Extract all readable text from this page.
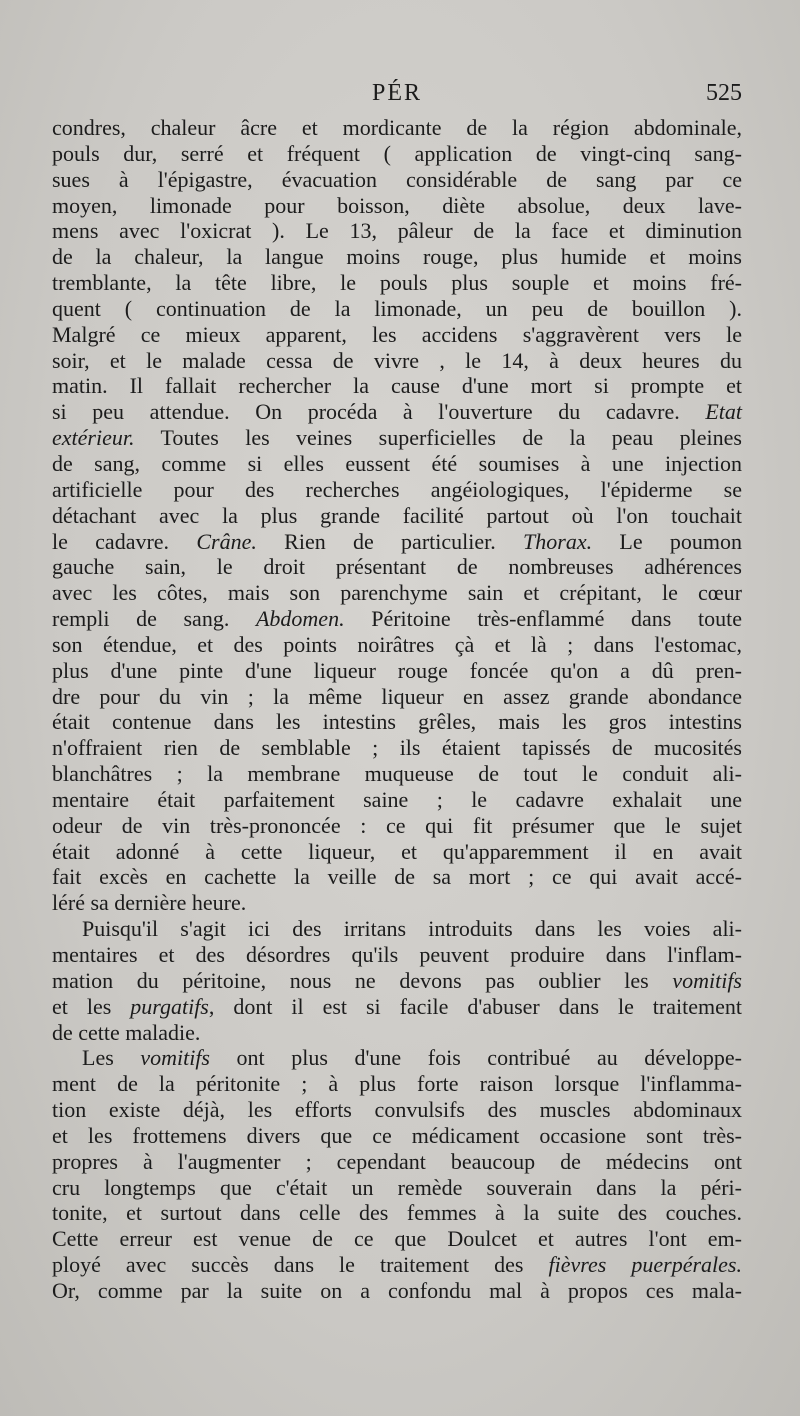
PÉR	525
condres, chaleur âcre et mordicante de la région abdominale,
pouls dur, serré et fréquent ( application de vingt-cinq sang-
sues à l'épigastre, évacuation considérable de sang par ce
moyen, limonade pour boisson, diète absolue, deux lave-
mens avec l'oxicrat ). Le 13, pâleur de la face et diminution
de la chaleur, la langue moins rouge, plus humide et moins
tremblante, la tête libre, le pouls plus souple et moins fré-
quent ( continuation de la limonade, un peu de bouillon ).
Malgré ce mieux apparent, les accidens s'aggravèrent vers le
soir, et le malade cessa de vivre , le 14, à deux heures du
matin. Il fallait rechercher la cause d'une mort si prompte et
si peu attendue. On procéda à l'ouverture du cadavre. Etat
extérieur. Toutes les veines superficielles de la peau pleines
de sang, comme si elles eussent été soumises à une injection
artificielle pour des recherches angéiologiques, l'épiderme se
détachant avec la plus grande facilité partout où l'on touchait
le cadavre. Crâne. Rien de particulier. Thorax. Le poumon
gauche sain, le droit présentant de nombreuses adhérences
avec les côtes, mais son parenchyme sain et crépitant, le cœur
rempli de sang. Abdomen. Péritoine très-enflammé dans toute
son étendue, et des points noirâtres çà et là ; dans l'estomac,
plus d'une pinte d'une liqueur rouge foncée qu'on a dû pren-
dre pour du vin ; la même liqueur en assez grande abondance
était contenue dans les intestins grêles, mais les gros intestins
n'offraient rien de semblable ; ils étaient tapissés de mucosités
blanchâtres ; la membrane muqueuse de tout le conduit ali-
mentaire était parfaitement saine ; le cadavre exhalait une
odeur de vin très-prononcée : ce qui fit présumer que le sujet
était adonné à cette liqueur, et qu'apparemment il en avait
fait excès en cachette la veille de sa mort ; ce qui avait accé-
léré sa dernière heure.
Puisqu'il s'agit ici des irritans introduits dans les voies ali-
mentaires et des désordres qu'ils peuvent produire dans l'inflam-
mation du péritoine, nous ne devons pas oublier les vomitifs
et les purgatifs, dont il est si facile d'abuser dans le traitement
de cette maladie.
Les vomitifs ont plus d'une fois contribué au développe-
ment de la péritonite ; à plus forte raison lorsque l'inflamma-
tion existe déjà, les efforts convulsifs des muscles abdominaux
et les frottemens divers que ce médicament occasione sont très-
propres à l'augmenter ; cependant beaucoup de médecins ont
cru longtemps que c'était un remède souverain dans la péri-
tonite, et surtout dans celle des femmes à la suite des couches.
Cette erreur est venue de ce que Doulcet et autres l'ont em-
ployé avec succès dans le traitement des fièvres puerpérales.
Or, comme par la suite on a confondu mal à propos ces mala-
